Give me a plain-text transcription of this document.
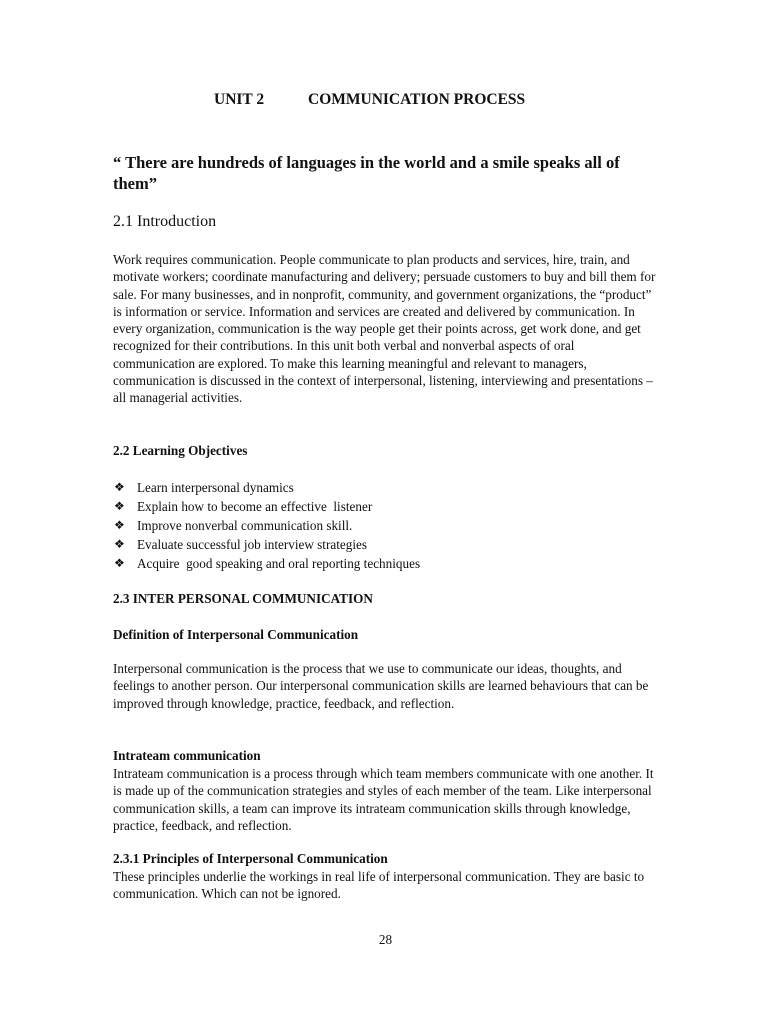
UNIT 2	COMMUNICATION PROCESS
“ There are hundreds of languages in the world and a smile speaks all of them”
2.1 Introduction

Work requires communication. People communicate to plan products and services, hire, train, and motivate workers; coordinate manufacturing and delivery; persuade customers to buy and bill them for sale. For many businesses, and in nonprofit, community, and government organizations, the “product” is information or service. Information and services are created and delivered by communication. In every organization, communication is the way people get their points across, get work done, and get recognized for their contributions. In this unit both verbal and nonverbal aspects of oral communication are explored. To make this learning meaningful and relevant to managers, communication is discussed in the context of interpersonal, listening, interviewing and presentations – all managerial activities.

2.2 Learning Objectives
❖ Learn interpersonal dynamics
❖ Explain how to become an effective  listener
❖ Improve nonverbal communication skill.
❖ Evaluate successful job interview strategies
❖ Acquire  good speaking and oral reporting techniques
2.3 INTER PERSONAL COMMUNICATION
Definition of Interpersonal Communication

Interpersonal communication is the process that we use to communicate our ideas, thoughts, and feelings to another person. Our interpersonal communication skills are learned behaviours that can be improved through knowledge, practice, feedback, and reflection.

Intrateam communication

Intrateam communication is a process through which team members communicate with one another. It is made up of the communication strategies and styles of each member of the team. Like interpersonal communication skills, a team can improve its intrateam communication skills through knowledge, practice, feedback, and reflection.

2.3.1 Principles of Interpersonal Communication

These principles underlie the workings in real life of interpersonal communication. They are basic to communication. Which can not be ignored.

28
